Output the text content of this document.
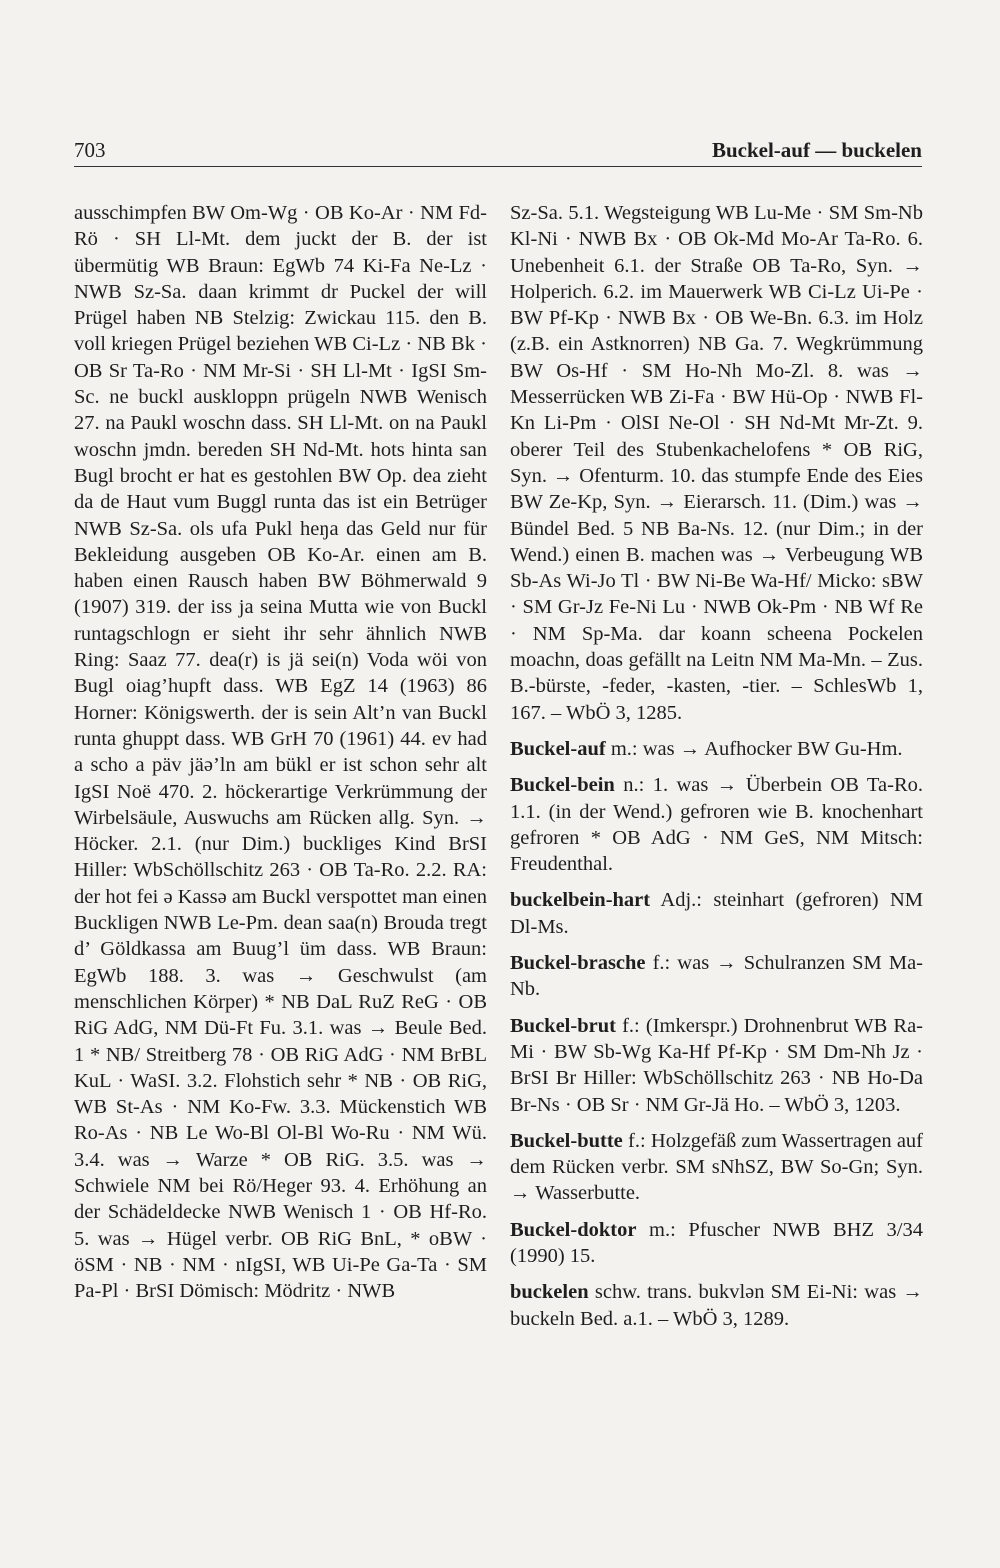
703	Buckel-auf — buckelen

ausschimpfen BW Om-Wg · OB Ko-Ar · NM Fd-Rö · SH Ll-Mt. dem juckt der B. der ist übermütig WB Braun: EgWb 74 Ki-Fa Ne-Lz · NWB Sz-Sa. daan krimmt dr Puckel der will Prügel haben NB Stelzig: Zwickau 115. den B. voll kriegen Prügel beziehen WB Ci-Lz · NB Bk · OB Sr Ta-Ro · NM Mr-Si · SH Ll-Mt · IgSI Sm-Sc. ne buckl auskloppn prügeln NWB Wenisch 27. na Paukl woschn dass. SH Ll-Mt. on na Paukl woschn jmdn. bereden SH Nd-Mt. hots hinta san Bugl brocht er hat es gestohlen BW Op. dea zieht da de Haut vum Buggl runta das ist ein Betrüger NWB Sz-Sa. ols ufa Pukl heŋa das Geld nur für Bekleidung ausgeben OB Ko-Ar. einen am B. haben einen Rausch haben BW Böhmerwald 9 (1907) 319. der iss ja seina Mutta wie von Buckl runtagschlogn er sieht ihr sehr ähnlich NWB Ring: Saaz 77. dea(r) is jä sei(n) Voda wöi von Bugl oiag’hupft dass. WB EgZ 14 (1963) 86 Horner: Königswerth. der is sein Alt’n van Buckl runta ghuppt dass. WB GrH 70 (1961) 44. ev had a scho a päv jäə’ln am bükl er ist schon sehr alt IgSI Noë 470. 2. höckerartige Verkrümmung der Wirbelsäule, Auswuchs am Rücken allg. Syn. → Höcker. 2.1. (nur Dim.) buckliges Kind BrSI Hiller: WbSchöllschitz 263 · OB Ta-Ro. 2.2. RA: der hot fei ə Kassə am Buckl verspottet man einen Buckligen NWB Le-Pm. dean saa(n) Brouda tregt d’ Göldkassa am Buug’l üm dass. WB Braun: EgWb 188. 3. was → Geschwulst (am menschlichen Körper) * NB DaL RuZ ReG · OB RiG AdG, NM Dü-Ft Fu. 3.1. was → Beule Bed. 1 * NB/ Streitberg 78 · OB RiG AdG · NM BrBL KuL · WaSI. 3.2. Flohstich sehr * NB · OB RiG, WB St-As · NM Ko-Fw. 3.3. Mückenstich WB Ro-As · NB Le Wo-Bl Ol-Bl Wo-Ru · NM Wü. 3.4. was → Warze * OB RiG. 3.5. was → Schwiele NM bei Rö/Heger 93. 4. Erhöhung an der Schädeldecke NWB Wenisch 1 · OB Hf-Ro. 5. was → Hügel verbr. OB RiG BnL, * oBW · öSM · NB · NM · nIgSI, WB Ui-Pe Ga-Ta · SM Pa-Pl · BrSI Dömisch: Mödritz · NWB

Sz-Sa. 5.1. Wegsteigung WB Lu-Me · SM Sm-Nb Kl-Ni · NWB Bx · OB Ok-Md Mo-Ar Ta-Ro. 6. Unebenheit 6.1. der Straße OB Ta-Ro, Syn. → Holperich. 6.2. im Mauerwerk WB Ci-Lz Ui-Pe · BW Pf-Kp · NWB Bx · OB We-Bn. 6.3. im Holz (z.B. ein Astknorren) NB Ga. 7. Wegkrümmung BW Os-Hf · SM Ho-Nh Mo-Zl. 8. was → Messerrücken WB Zi-Fa · BW Hü-Op · NWB Fl-Kn Li-Pm · OlSI Ne-Ol · SH Nd-Mt Mr-Zt. 9. oberer Teil des Stubenkachelofens * OB RiG, Syn. → Ofenturm. 10. das stumpfe Ende des Eies BW Ze-Kp, Syn. → Eierarsch. 11. (Dim.) was → Bündel Bed. 5 NB Ba-Ns. 12. (nur Dim.; in der Wend.) einen B. machen was → Verbeugung WB Sb-As Wi-Jo Tl · BW Ni-Be Wa-Hf/ Micko: sBW · SM Gr-Jz Fe-Ni Lu · NWB Ok-Pm · NB Wf Re · NM Sp-Ma. dar koann scheena Pockelen moachn, doas gefällt na Leitn NM Ma-Mn. – Zus. B.-bürste, -feder, -kasten, -tier. – SchlesWb 1, 167. – WbÖ 3, 1285.

Buckel-auf m.: was → Aufhocker BW Gu-Hm.

Buckel-bein n.: 1. was → Überbein OB Ta-Ro. 1.1. (in der Wend.) gefroren wie B. knochenhart gefroren * OB AdG · NM GeS, NM Mitsch: Freudenthal.

buckelbein-hart Adj.: steinhart (gefroren) NM Dl-Ms.

Buckel-brasche f.: was → Schulranzen SM Ma-Nb.

Buckel-brut f.: (Imkerspr.) Drohnenbrut WB Ra-Mi · BW Sb-Wg Ka-Hf Pf-Kp · SM Dm-Nh Jz · BrSI Br Hiller: WbSchöllschitz 263 · NB Ho-Da Br-Ns · OB Sr · NM Gr-Jä Ho. – WbÖ 3, 1203.

Buckel-butte f.: Holzgefäß zum Wassertragen auf dem Rücken verbr. SM sNhSZ, BW So-Gn; Syn. → Wasserbutte.

Buckel-doktor m.: Pfuscher NWB BHZ 3/34 (1990) 15.

buckelen schw. trans. bukvlən SM Ei-Ni: was → buckeln Bed. a.1. – WbÖ 3, 1289.
